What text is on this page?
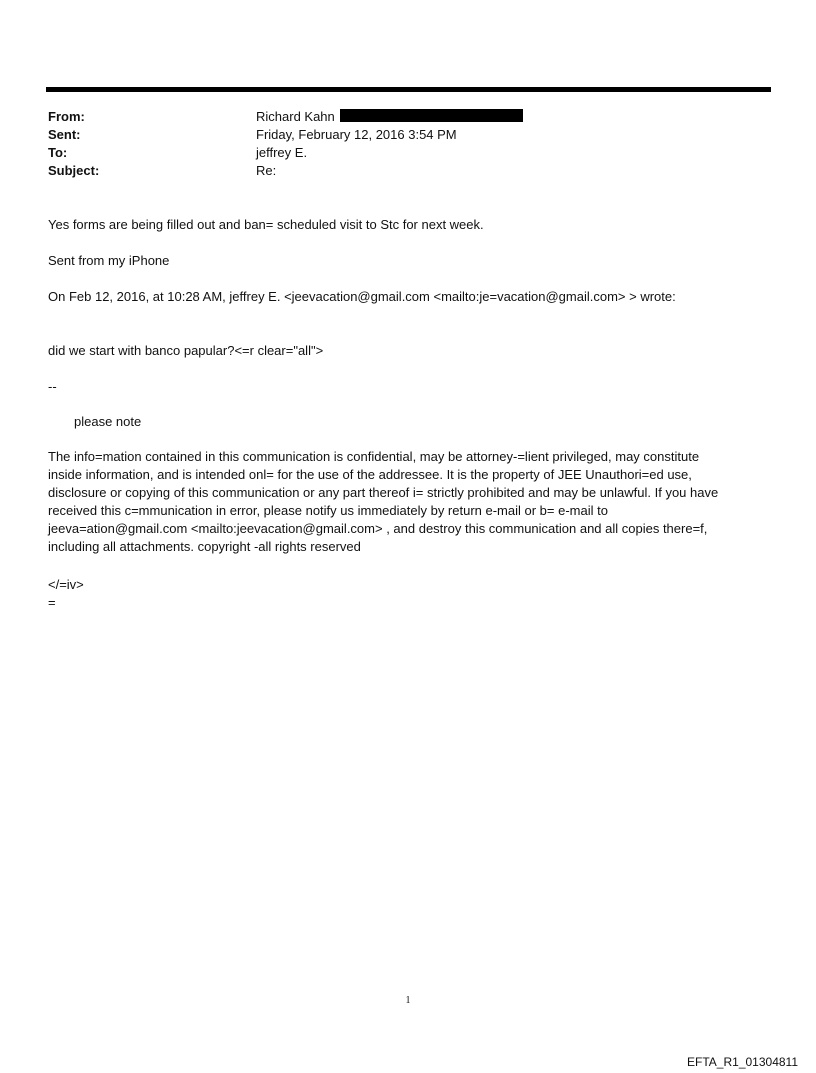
From:	Richard Kahn
Sent:	Friday, February 12, 2016 3:54 PM
To:	jeffrey E.
Subject:	Re:
Yes forms are being filled out and ban= scheduled visit to Stc for next week.
Sent from my iPhone
On Feb 12, 2016, at 10:28 AM, jeffrey E. <jeevacation@gmail.com <mailto:je=vacation@gmail.com> > wrote:
did we start with banco papular?<=r clear="all">
--
please note
The info=mation contained in this communication is confidential, may be attorney-=lient privileged, may constitute
inside information, and is intended onl= for the use of the addressee. It is the property of JEE Unauthori=ed use,
disclosure or copying of this communication or any part thereof i= strictly prohibited and may be unlawful. If you have
received this c=mmunication in error, please notify us immediately by return e-mail or b= e-mail to
jeeva=ation@gmail.com <mailto:jeevacation@gmail.com> , and destroy this communication and all copies there=f,
including all attachments. copyright -all rights reserved
</=iv>
=
1
EFTA_R1_01304811
